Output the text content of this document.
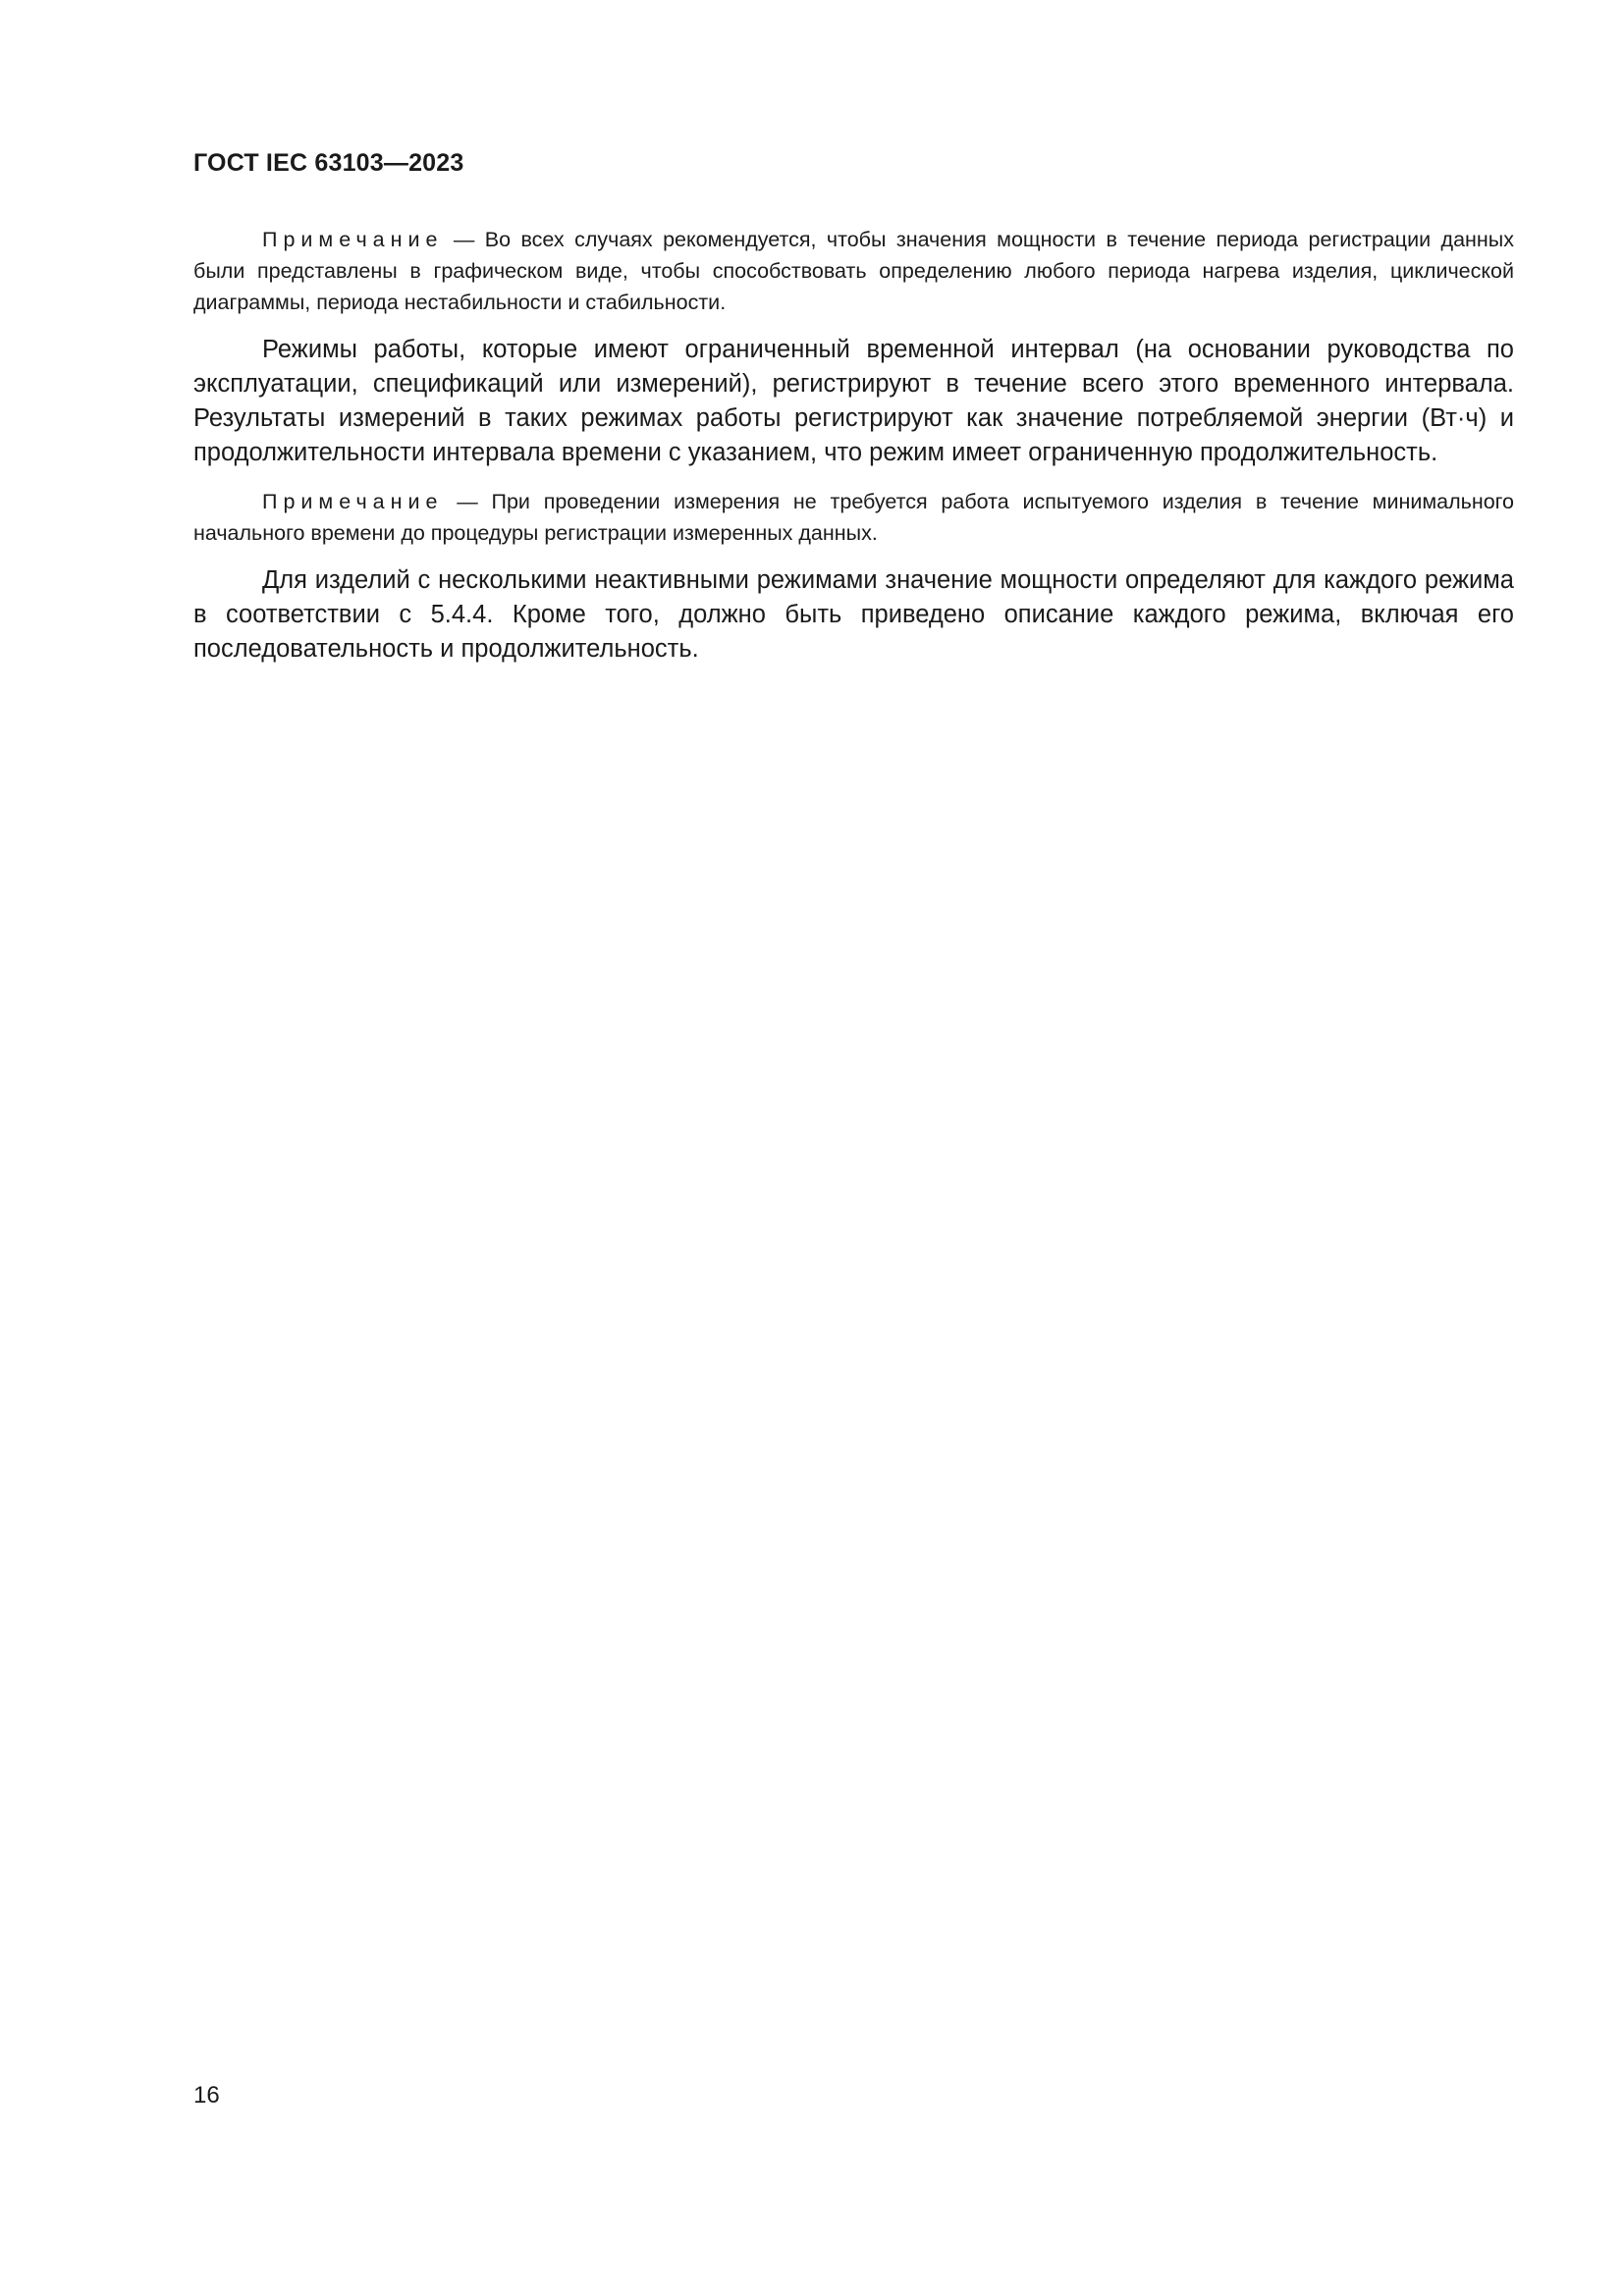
ГОСТ IEC 63103—2023

Примечание — Во всех случаях рекомендуется, чтобы значения мощности в течение периода регистрации данных были представлены в графическом виде, чтобы способствовать определению любого периода нагрева изделия, циклической диаграммы, периода нестабильности и стабильности.

Режимы работы, которые имеют ограниченный временной интервал (на основании руководства по эксплуатации, спецификаций или измерений), регистрируют в течение всего этого временного интервала. Результаты измерений в таких режимах работы регистрируют как значение потребляемой энергии (Вт·ч) и продолжительности интервала времени с указанием, что режим имеет ограниченную продолжительность.

Примечание — При проведении измерения не требуется работа испытуемого изделия в течение минимального начального времени до процедуры регистрации измеренных данных.

Для изделий с несколькими неактивными режимами значение мощности определяют для каждого режима в соответствии с 5.4.4. Кроме того, должно быть приведено описание каждого режима, включая его последовательность и продолжительность.

16
